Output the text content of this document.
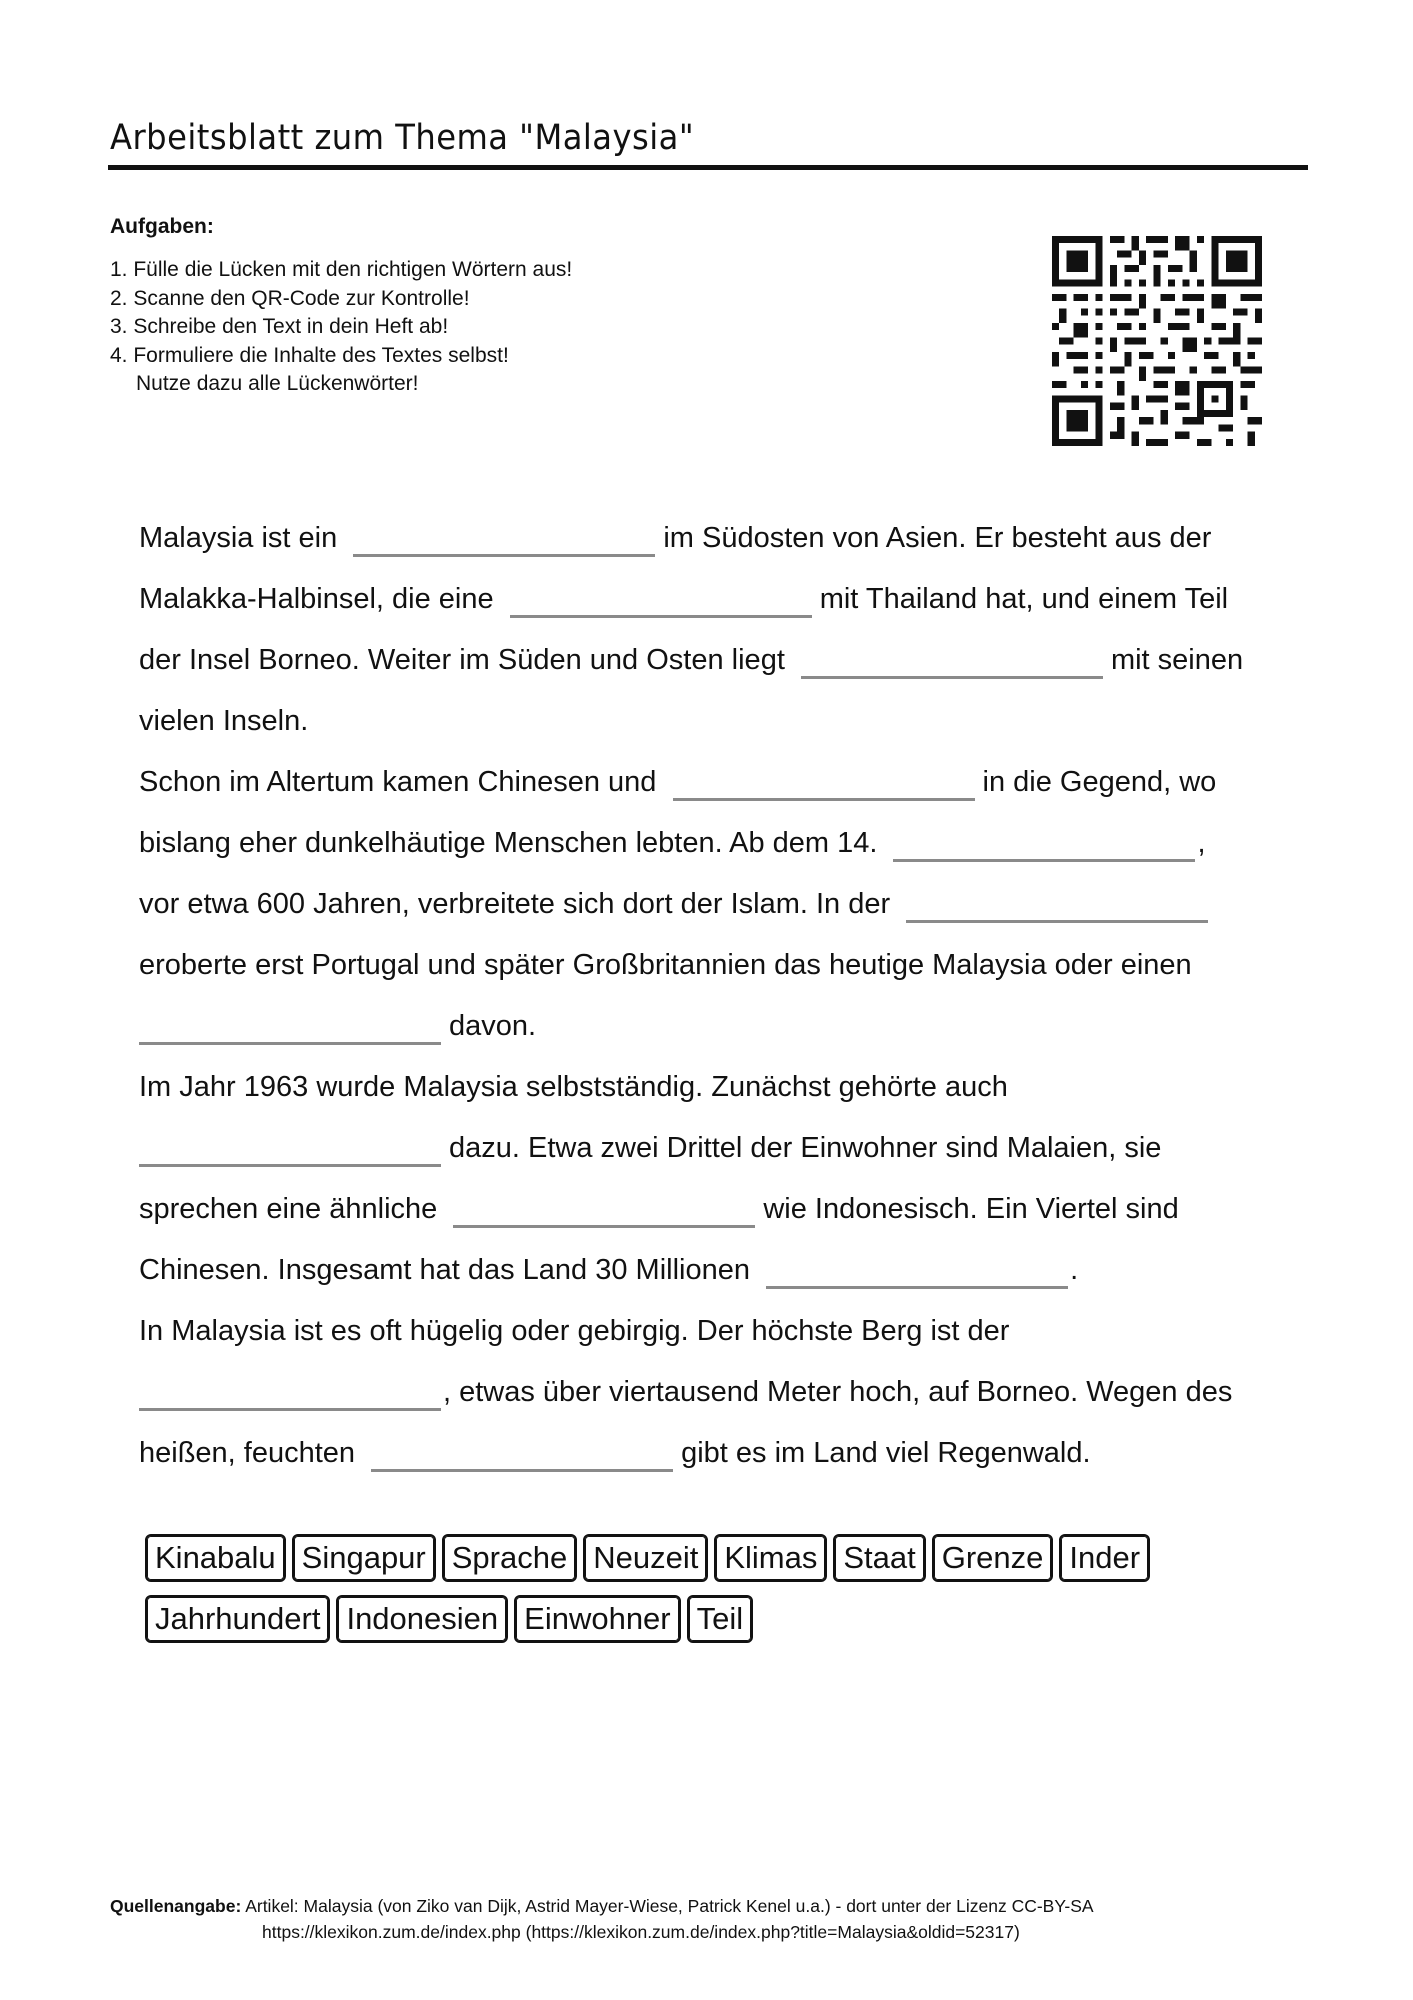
Arbeitsblatt zum Thema "Malaysia"
Aufgaben:
1. Fülle die Lücken mit den richtigen Wörtern aus!
2. Scanne den QR-Code zur Kontrolle!
3. Schreibe den Text in dein Heft ab!
4. Formuliere die Inhalte des Textes selbst!
Nutze dazu alle Lückenwörter!
Malaysia ist ein	im Südosten von Asien. Er besteht aus der
Malakka-Halbinsel, die eine	mit Thailand hat, und einem Teil
der Insel Borneo. Weiter im Süden und Osten liegt	mit seinen
vielen Inseln.
Schon im Altertum kamen Chinesen und	in die Gegend, wo
bislang eher dunkelhäutige Menschen lebten. Ab dem 14.	,
vor etwa 600 Jahren, verbreitete sich dort der Islam. In der
eroberte erst Portugal und später Großbritannien das heutige Malaysia oder einen
davon.
Im Jahr 1963 wurde Malaysia selbstständig. Zunächst gehörte auch
dazu. Etwa zwei Drittel der Einwohner sind Malaien, sie
sprechen eine ähnliche	wie Indonesisch. Ein Viertel sind
Chinesen. Insgesamt hat das Land 30 Millionen	.
In Malaysia ist es oft hügelig oder gebirgig. Der höchste Berg ist der
, etwas über viertausend Meter hoch, auf Borneo. Wegen des
heißen, feuchten	gibt es im Land viel Regenwald.
Kinabalu Singapur Sprache Neuzeit Klimas Staat Grenze Inder
Jahrhundert Indonesien Einwohner Teil
Quellenangabe: Artikel: Malaysia (von Ziko van Dijk, Astrid Mayer-Wiese, Patrick Kenel u.a.) - dort unter der Lizenz CC-BY-SA
https://klexikon.zum.de/index.php (https://klexikon.zum.de/index.php?title=Malaysia&oldid=52317)
